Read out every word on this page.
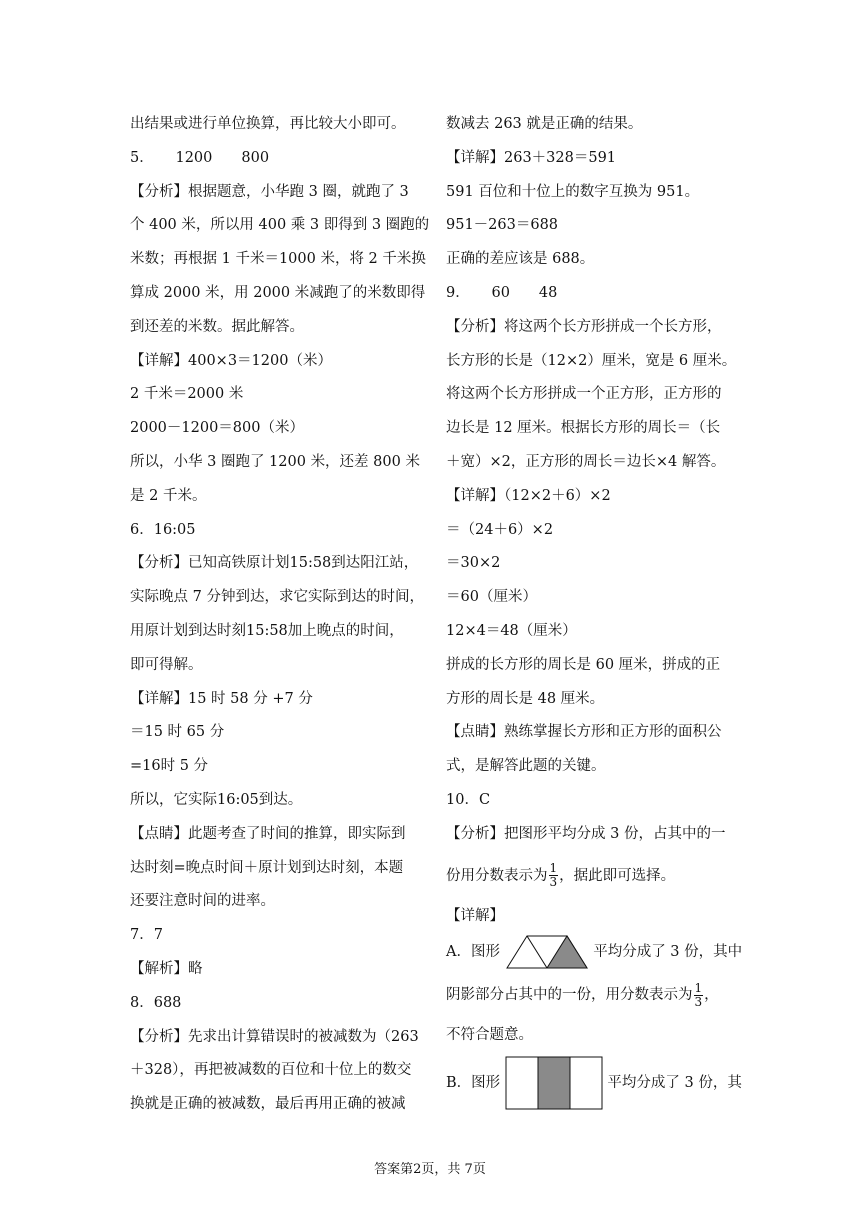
出结果或进行单位换算，再比较大小即可。
5．　　1200　　800
【分析】根据题意，小华跑 3 圈，就跑了 3
个 400 米，所以用 400 乘 3 即得到 3 圈跑的
米数；再根据 1 千米＝1000 米，将 2 千米换
算成 2000 米，用 2000 米减跑了的米数即得
到还差的米数。据此解答。
【详解】400×3＝1200（米）
2 千米＝2000 米
2000－1200＝800（米）
所以，小华 3 圈跑了 1200 米，还差 800 米
是 2 千米。
6．16:05
【分析】已知高铁原计划15:58到达阳江站，
实际晚点 7 分钟到达，求它实际到达的时间，
用原计划到达时刻15:58加上晚点的时间，
即可得解。
【详解】15 时 58 分 +7 分
＝15 时 65 分
=16时 5 分
所以，它实际16:05到达。
【点睛】此题考查了时间的推算，即实际到
达时刻=晚点时间＋原计划到达时刻，本题
还要注意时间的进率。
7．7
【解析】略
8．688
【分析】先求出计算错误时的被减数为（263
＋328），再把被减数的百位和十位上的数交
换就是正确的被减数，最后再用正确的被减
数减去 263 就是正确的结果。
【详解】263＋328＝591
591 百位和十位上的数字互换为 951。
951－263＝688
正确的差应该是 688。
9．　　60　　48
【分析】将这两个长方形拼成一个长方形，
长方形的长是（12×2）厘米，宽是 6 厘米。
将这两个长方形拼成一个正方形，正方形的
边长是 12 厘米。根据长方形的周长＝（长
＋宽）×2，正方形的周长＝边长×4 解答。
【详解】（12×2＋6）×2
＝（24＋6）×2
＝30×2
＝60（厘米）
12×4＝48（厘米）
拼成的长方形的周长是 60 厘米，拼成的正
方形的周长是 48 厘米。
【点睛】熟练掌握长方形和正方形的面积公
式，是解答此题的关键。
10．C
【分析】把图形平均分成 3 份，占其中的一
份用分数表示为 $\frac{1}{3}$ ，据此即可选择。
【详解】
A．图形	平均分成了 3 份，其中
阴影部分占其中的一份，用分数表示为 $\frac{1}{3}$ ，
不符合题意。
B．图形	平均分成了 3 份，其
答案第2页，共 7页
